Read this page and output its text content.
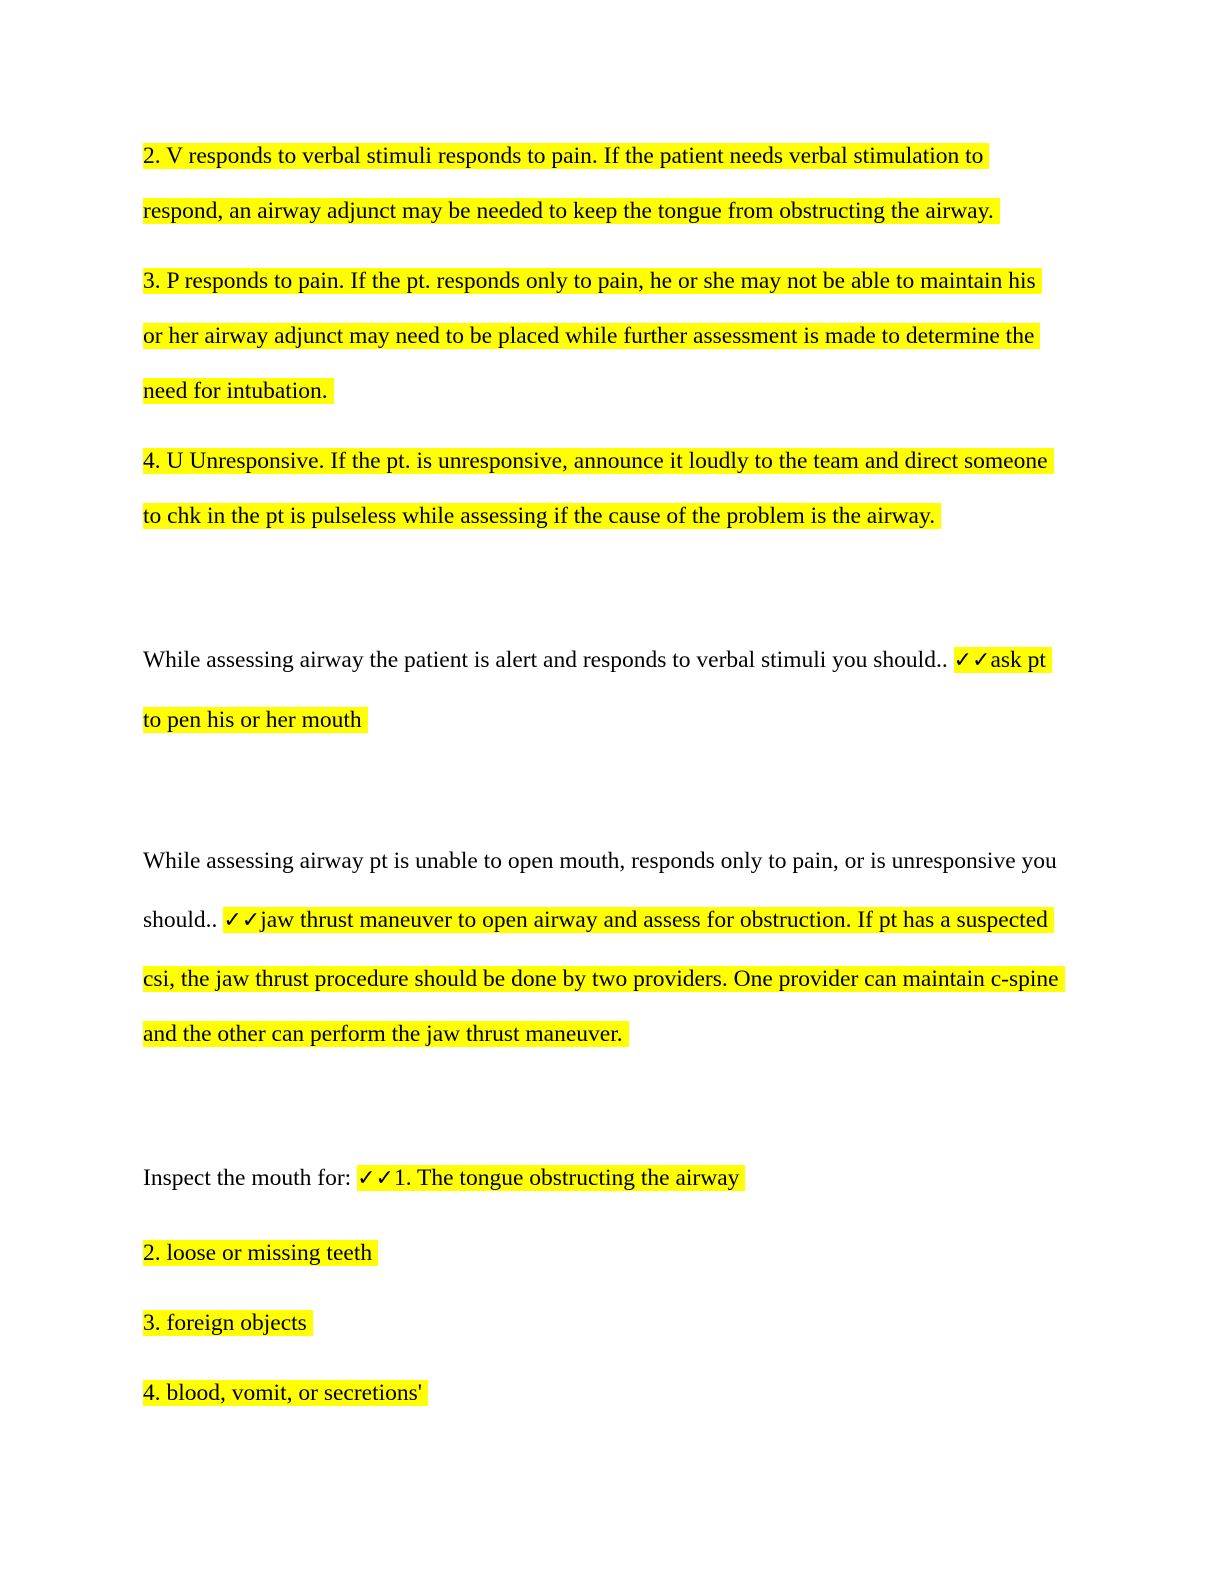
2. V responds to verbal stimuli responds to pain. If the patient needs verbal stimulation to
respond, an airway adjunct may be needed to keep the tongue from obstructing the airway.
3. P responds to pain. If the pt. responds only to pain, he or she may not be able to maintain his
or her airway adjunct may need to be placed while further assessment is made to determine the
need for intubation.
4. U Unresponsive. If the pt. is unresponsive, announce it loudly to the team and direct someone
to chk in the pt is pulseless while assessing if the cause of the problem is the airway.
While assessing airway the patient is alert and responds to verbal stimuli you should.. ✓✓ask pt
to pen his or her mouth
While assessing airway pt is unable to open mouth, responds only to pain, or is unresponsive you
should.. ✓✓jaw thrust maneuver to open airway and assess for obstruction. If pt has a suspected
csi, the jaw thrust procedure should be done by two providers. One provider can maintain c-spine
and the other can perform the jaw thrust maneuver.
Inspect the mouth for: ✓✓1. The tongue obstructing the airway
2. loose or missing teeth
3. foreign objects
4. blood, vomit, or secretions'
